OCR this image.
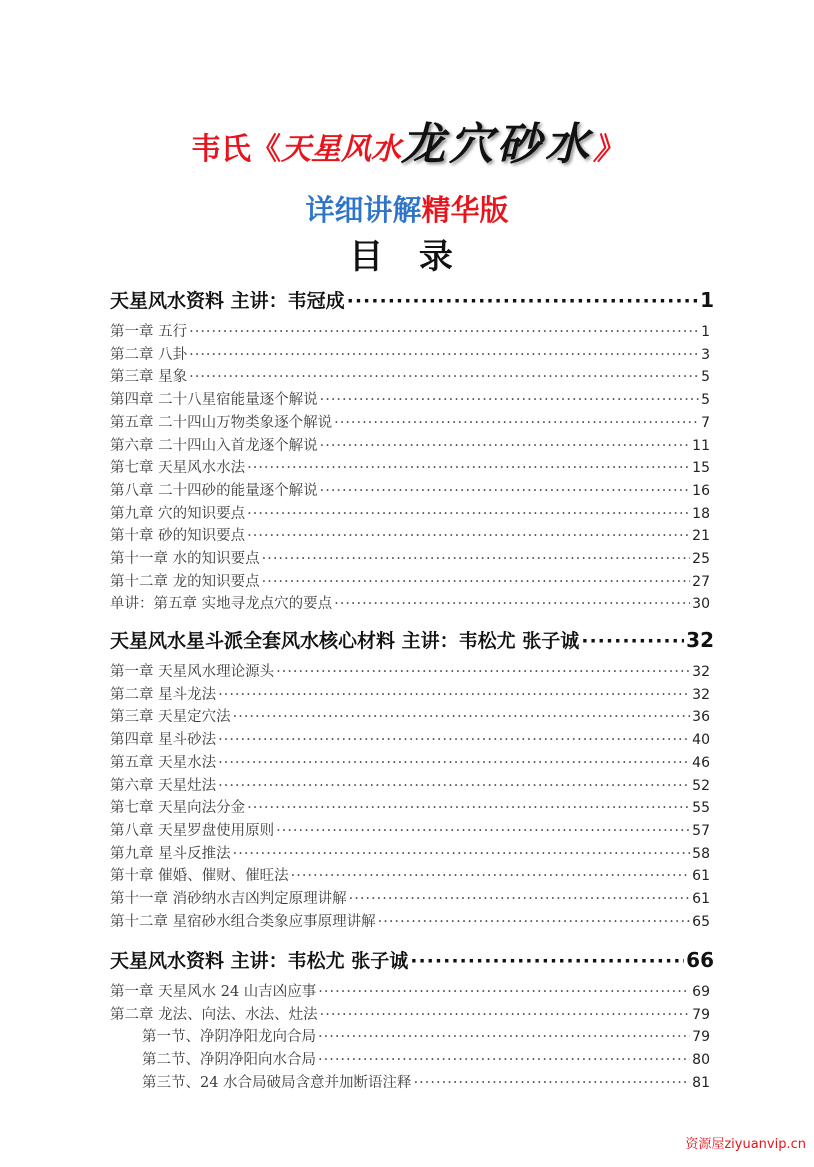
韦氏《天星风水龙穴砂水》
详细讲解精华版
目 录
天星风水资料 主讲：韦冠成 ·····	1
第一章 五行 ·····	1
第二章 八卦 ·····	3
第三章 星象 ·····	5
第四章 二十八星宿能量逐个解说 ·····	5
第五章 二十四山万物类象逐个解说 ·····	7
第六章 二十四山入首龙逐个解说 ·····	11
第七章 天星风水水法 ·····	15
第八章 二十四砂的能量逐个解说 ·····	16
第九章 穴的知识要点 ·····	18
第十章 砂的知识要点 ·····	21
第十一章 水的知识要点 ·····	25
第十二章 龙的知识要点 ·····	27
单讲：第五章 实地寻龙点穴的要点 ·····	30
天星风水星斗派全套风水核心材料 主讲：韦松尤 张子诚 ·····	32
第一章 天星风水理论源头 ·····	32
第二章 星斗龙法 ·····	32
第三章 天星定穴法 ·····	36
第四章 星斗砂法 ·····	40
第五章 天星水法 ·····	46
第六章 天星灶法 ·····	52
第七章 天星向法分金 ·····	55
第八章 天星罗盘使用原则 ·····	57
第九章 星斗反推法 ·····	58
第十章 催婚、催财、催旺法 ·····	61
第十一章 消砂纳水吉凶判定原理讲解 ·····	61
第十二章 星宿砂水组合类象应事原理讲解 ·····	65
天星风水资料 主讲：韦松尤 张子诚 ·····	66
第一章 天星风水 24 山吉凶应事 ·····	69
第二章 龙法、向法、水法、灶法 ·····	79
第一节、净阴净阳龙向合局 ·····	79
第二节、净阴净阳向水合局 ·····	80
第三节、24 水合局破局含意并加断语注释 ·····	81
资源屋ziyuanvip.cn
